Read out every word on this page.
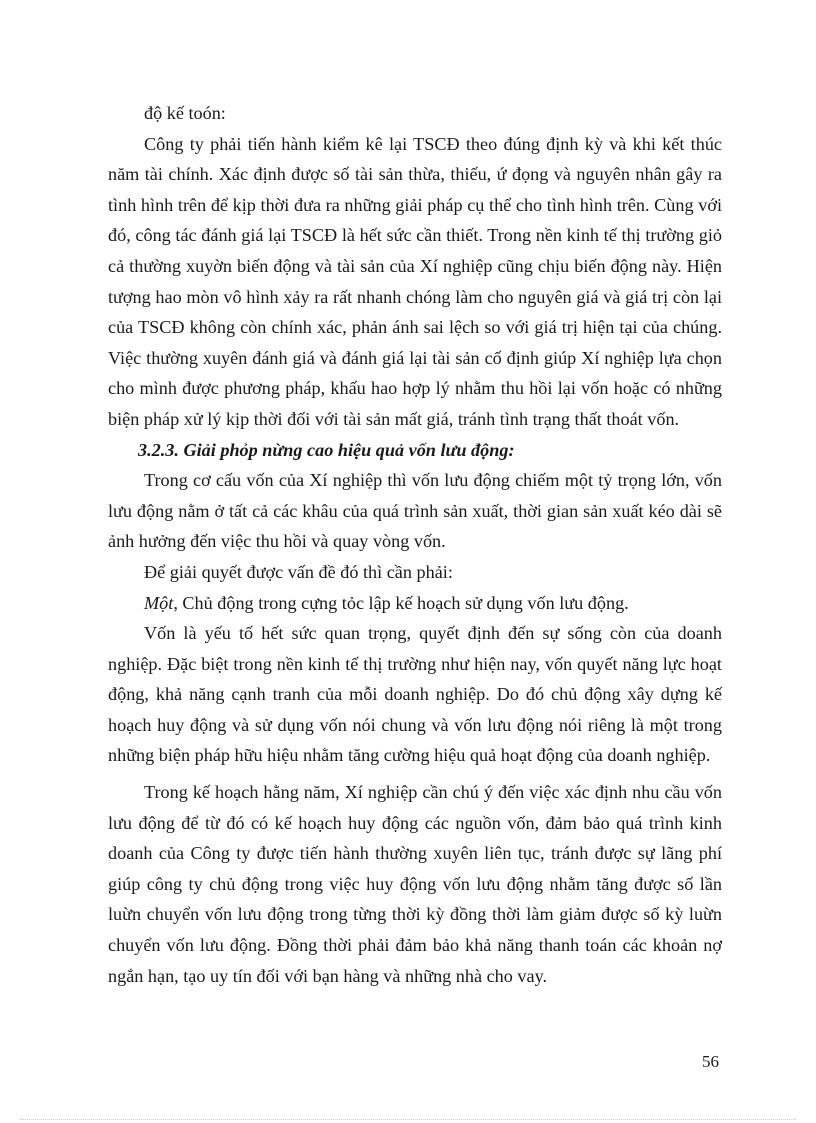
độ kế toón:

Công ty phải tiến hành kiểm kê lại TSCĐ theo đúng định kỳ và khi kết thúc năm tài chính. Xác định được số tài sản thừa, thiếu, ứ đọng và nguyên nhân gây ra tình hình trên để kịp thời đưa ra những giải pháp cụ thể cho tình hình trên. Cùng với đó, công tác đánh giá lại TSCĐ là hết sức cần thiết. Trong nền kinh tế thị trường giỏ cả thường xuyờn biến động và tài sản của Xí nghiệp cũng chịu biến động này. Hiện tượng hao mòn vô hình xảy ra rất nhanh chóng làm cho nguyên giá và giá trị còn lại của TSCĐ không còn chính xác, phản ánh sai lệch so với giá trị hiện tại của chúng. Việc thường xuyên đánh giá và đánh giá lại tài sản cố định giúp Xí nghiệp lựa chọn cho mình được phương pháp, khấu hao hợp lý nhằm thu hồi lại vốn hoặc có những biện pháp xử lý kịp thời đối với tài sản mất giá, tránh tình trạng thất thoát vốn.

3.2.3. Giải phỏp nừng cao hiệu quả vốn lưu động:

Trong cơ cấu vốn của Xí nghiệp thì vốn lưu động chiếm một tỷ trọng lớn, vốn lưu động nằm ở tất cả các khâu của quá trình sản xuất, thời gian sản xuất kéo dài sẽ ảnh hưởng đến việc thu hồi và quay vòng vốn.

Để giải quyết được vấn đề đó thì cần phải:

Một, Chủ động trong cựng tỏc lập kế hoạch sử dụng vốn lưu động.

Vốn là yếu tố hết sức quan trọng, quyết định đến sự sống còn của doanh nghiệp. Đặc biệt trong nền kinh tế thị trường như hiện nay, vốn quyết năng lực hoạt động, khả năng cạnh tranh của mỗi doanh nghiệp. Do đó chủ động xây dựng kế hoạch huy động và sử dụng vốn nói chung và vốn lưu động nói riêng là một trong những biện pháp hữu hiệu nhằm tăng cường hiệu quả hoạt động của doanh nghiệp.

Trong kế hoạch hằng năm, Xí nghiệp cần chú ý đến việc xác định nhu cầu vốn lưu động để từ đó có kế hoạch huy động các nguồn vốn, đảm bảo quá trình kinh doanh của Công ty được tiến hành thường xuyên liên tục, tránh được sự lãng phí giúp công ty chủ động trong việc huy động vốn lưu động nhằm tăng được số lần luừn chuyển vốn lưu động trong từng thời kỳ đồng thời làm giảm được số kỳ luừn chuyển vốn lưu động. Đồng thời phải đảm bảo khả năng thanh toán các khoản nợ ngắn hạn, tạo uy tín đối với bạn hàng và những nhà cho vay.

56
